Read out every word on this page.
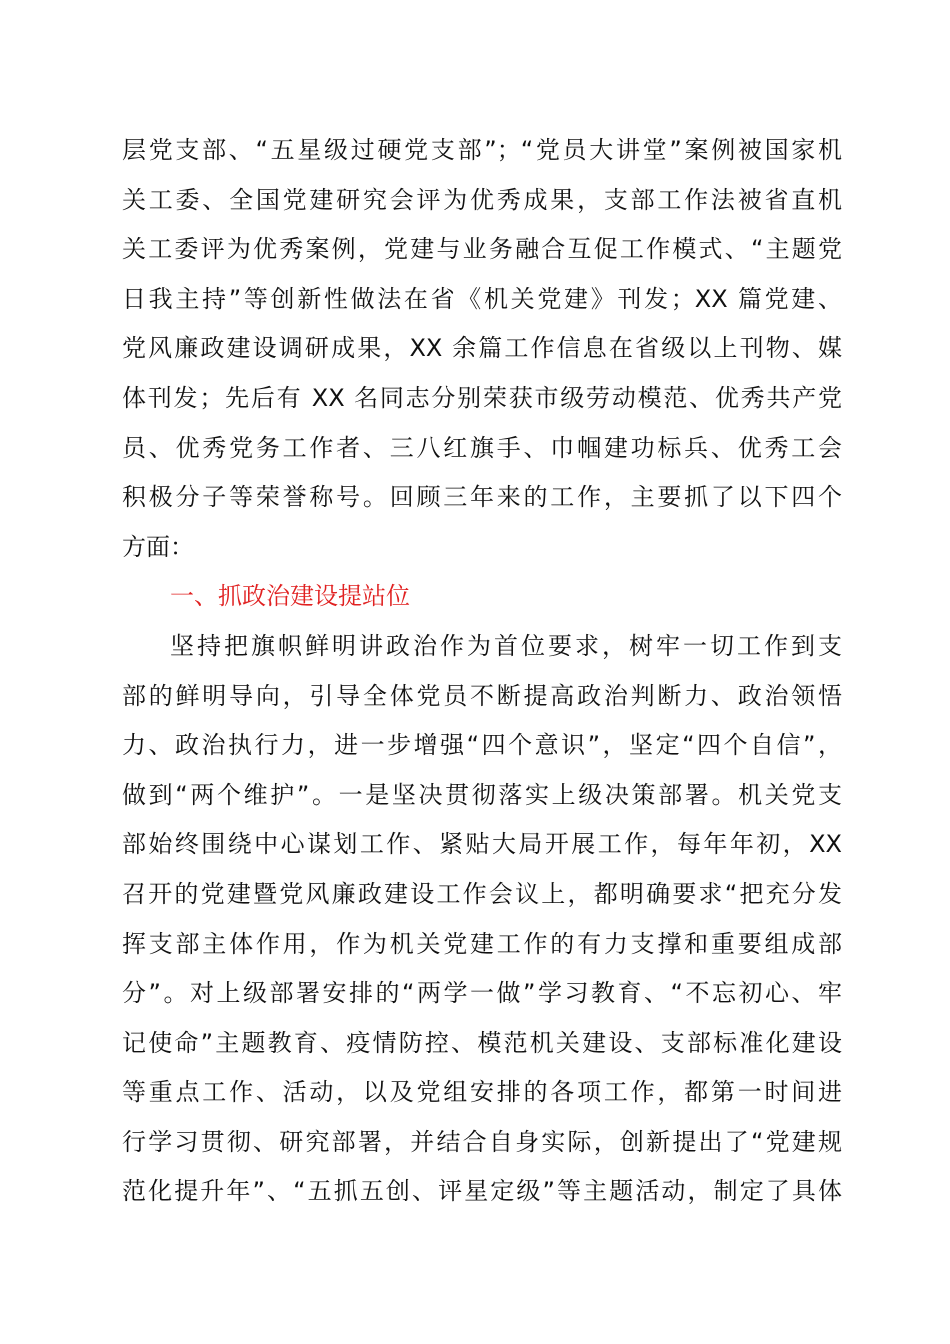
层党支部、“五星级过硬党支部”；“党员大讲堂”案例被国家机
关工委、全国党建研究会评为优秀成果，支部工作法被省直机
关工委评为优秀案例，党建与业务融合互促工作模式、“主题党
日我主持”等创新性做法在省《机关党建》刊发；XX 篇党建、
党风廉政建设调研成果，XX 余篇工作信息在省级以上刊物、媒
体刊发；先后有 XX 名同志分别荣获市级劳动模范、优秀共产党
员、优秀党务工作者、三八红旗手、巾帼建功标兵、优秀工会
积极分子等荣誉称号。回顾三年来的工作，主要抓了以下四个
方面：
一、抓政治建设提站位
坚持把旗帜鲜明讲政治作为首位要求，树牢一切工作到支
部的鲜明导向，引导全体党员不断提高政治判断力、政治领悟
力、政治执行力，进一步增强“四个意识”，坚定“四个自信”，
做到“两个维护”。一是坚决贯彻落实上级决策部署。机关党支
部始终围绕中心谋划工作、紧贴大局开展工作，每年年初，XX
召开的党建暨党风廉政建设工作会议上，都明确要求“把充分发
挥支部主体作用，作为机关党建工作的有力支撑和重要组成部
分”。对上级部署安排的“两学一做”学习教育、“不忘初心、牢
记使命”主题教育、疫情防控、模范机关建设、支部标准化建设
等重点工作、活动，以及党组安排的各项工作，都第一时间进
行学习贯彻、研究部署，并结合自身实际，创新提出了“党建规
范化提升年”、“五抓五创、评星定级”等主题活动，制定了具体
